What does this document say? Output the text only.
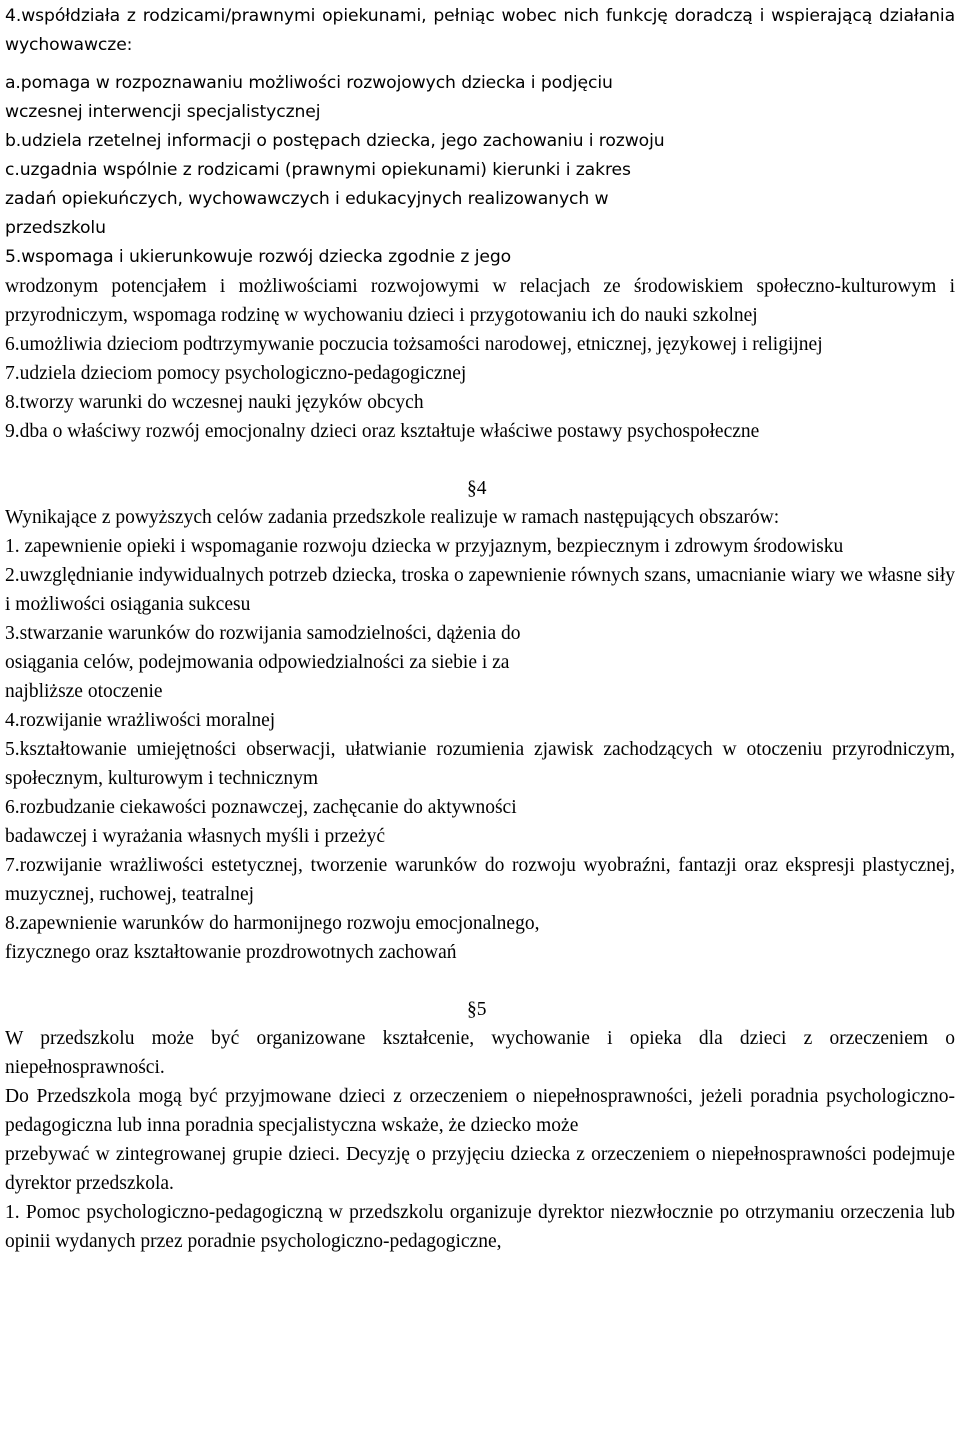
4.współdziała z rodzicami/prawnymi opiekunami, pełniąc wobec nich funkcję doradczą i wspierającą działania wychowawcze:

a.pomaga w rozpoznawaniu możliwości rozwojowych dziecka i podjęciu wczesnej interwencji specjalistycznej

b.udziela rzetelnej informacji o postępach dziecka, jego zachowaniu i rozwoju

c.uzgadnia wspólnie z rodzicami (prawnymi opiekunami) kierunki i zakres zadań opiekuńczych, wychowawczych i edukacyjnych realizowanych w przedszkolu

5.wspomaga i ukierunkowuje rozwój dziecka zgodnie z jego

wrodzonym potencjałem i możliwościami rozwojowymi w relacjach ze środowiskiem społeczno-kulturowym i przyrodniczym, wspomaga rodzinę w wychowaniu dzieci i przygotowaniu ich do nauki szkolnej

6.umożliwia dzieciom podtrzymywanie poczucia tożsamości narodowej, etnicznej, językowej i religijnej

7.udziela dzieciom pomocy psychologiczno-pedagogicznej

8.tworzy warunki do wczesnej nauki języków obcych

9.dba o właściwy rozwój emocjonalny dzieci oraz kształtuje właściwe postawy psychospołeczne

§4

Wynikające z powyższych celów zadania przedszkole realizuje w ramach następujących obszarów:

1. zapewnienie opieki i wspomaganie rozwoju dziecka w przyjaznym, bezpiecznym i zdrowym środowisku

2.uwzględnianie indywidualnych potrzeb dziecka, troska o zapewnienie równych szans, umacnianie wiary we własne siły i możliwości osiągania sukcesu

3.stwarzanie warunków do rozwijania samodzielności, dążenia do

osiągania celów, podejmowania odpowiedzialności za siebie i za

najbliższe otoczenie

4.rozwijanie wrażliwości moralnej

5.kształtowanie umiejętności obserwacji, ułatwianie rozumienia zjawisk zachodzących w otoczeniu przyrodniczym, społecznym, kulturowym i technicznym

6.rozbudzanie ciekawości poznawczej, zachęcanie do aktywności

badawczej i wyrażania własnych myśli i przeżyć

7.rozwijanie wrażliwości estetycznej, tworzenie warunków do rozwoju wyobraźni, fantazji oraz ekspresji plastycznej, muzycznej, ruchowej, teatralnej

8.zapewnienie warunków do harmonijnego rozwoju emocjonalnego,

fizycznego oraz kształtowanie prozdrowotnych zachowań

§5

W przedszkolu może być organizowane kształcenie, wychowanie i opieka dla dzieci z orzeczeniem o niepełnosprawności.

Do Przedszkola mogą być przyjmowane dzieci z orzeczeniem o niepełnosprawności, jeżeli poradnia psychologiczno-pedagogiczna lub inna poradnia specjalistyczna wskaże, że dziecko może

przebywać w zintegrowanej grupie dzieci. Decyzję o przyjęciu dziecka z orzeczeniem o niepełnosprawności podejmuje dyrektor przedszkola.

1. Pomoc psychologiczno-pedagogiczną w przedszkolu organizuje dyrektor niezwłocznie po otrzymaniu orzeczenia lub opinii wydanych przez poradnie psychologiczno-pedagogiczne,
